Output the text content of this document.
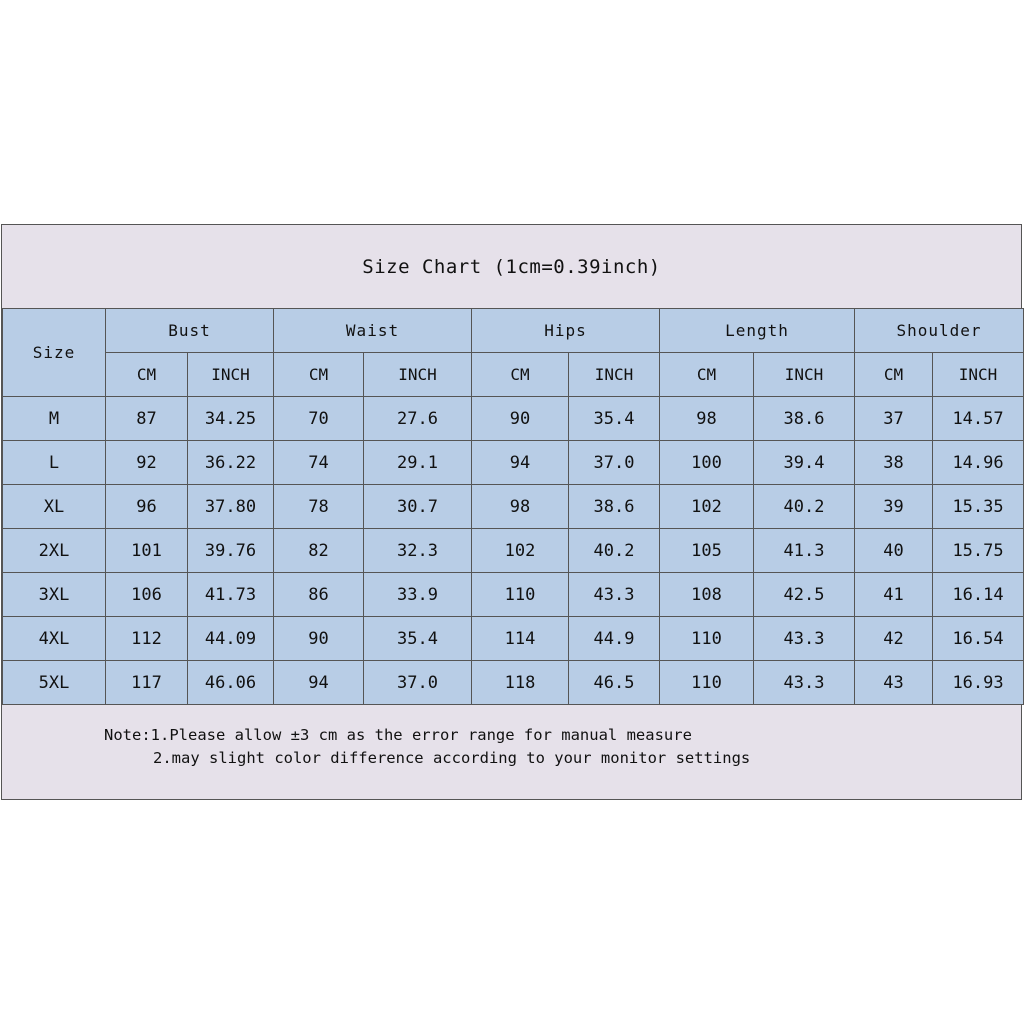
Size Chart (1cm=0.39inch)
Size	Bust		Waist		Hips		Length		Shoulder	
	CM	INCH	CM	INCH	CM	INCH	CM	INCH	CM	INCH
M	87	34.25	70	27.6	90	35.4	98	38.6	37	14.57
L	92	36.22	74	29.1	94	37.0	100	39.4	38	14.96
XL	96	37.80	78	30.7	98	38.6	102	40.2	39	15.35
2XL	101	39.76	82	32.3	102	40.2	105	41.3	40	15.75
3XL	106	41.73	86	33.9	110	43.3	108	42.5	41	16.14
4XL	112	44.09	90	35.4	114	44.9	110	43.3	42	16.54
5XL	117	46.06	94	37.0	118	46.5	110	43.3	43	16.93
Note:1.Please allow ±3 cm as the error range for manual measure
2.may slight color difference according to your monitor settings
